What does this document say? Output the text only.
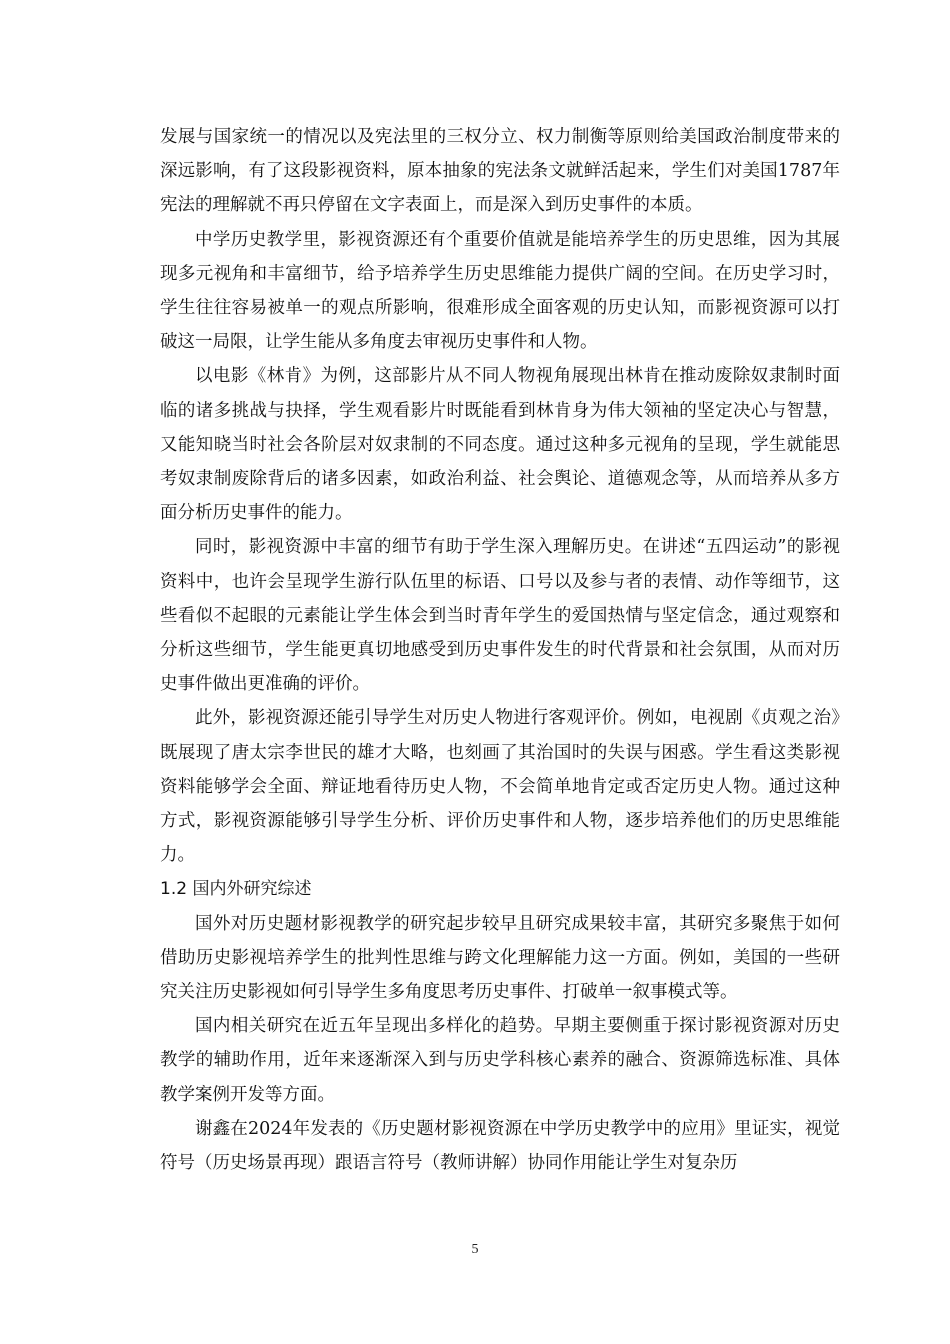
发展与国家统一的情况以及宪法里的三权分立、权力制衡等原则给美国政治制度带来的深远影响，有了这段影视资料，原本抽象的宪法条文就鲜活起来，学生们对美国1787年宪法的理解就不再只停留在文字表面上，而是深入到历史事件的本质。

中学历史教学里，影视资源还有个重要价值就是能培养学生的历史思维，因为其展现多元视角和丰富细节，给予培养学生历史思维能力提供广阔的空间。在历史学习时，学生往往容易被单一的观点所影响，很难形成全面客观的历史认知，而影视资源可以打破这一局限，让学生能从多角度去审视历史事件和人物。

以电影《林肯》为例，这部影片从不同人物视角展现出林肯在推动废除奴隶制时面临的诸多挑战与抉择，学生观看影片时既能看到林肯身为伟大领袖的坚定决心与智慧，又能知晓当时社会各阶层对奴隶制的不同态度。通过这种多元视角的呈现，学生就能思考奴隶制废除背后的诸多因素，如政治利益、社会舆论、道德观念等，从而培养从多方面分析历史事件的能力。

同时，影视资源中丰富的细节有助于学生深入理解历史。在讲述“五四运动”的影视资料中，也许会呈现学生游行队伍里的标语、口号以及参与者的表情、动作等细节，这些看似不起眼的元素能让学生体会到当时青年学生的爱国热情与坚定信念，通过观察和分析这些细节，学生能更真切地感受到历史事件发生的时代背景和社会氛围，从而对历史事件做出更准确的评价。

此外，影视资源还能引导学生对历史人物进行客观评价。例如，电视剧《贞观之治》既展现了唐太宗李世民的雄才大略，也刻画了其治国时的失误与困惑。学生看这类影视资料能够学会全面、辩证地看待历史人物，不会简单地肯定或否定历史人物。通过这种方式，影视资源能够引导学生分析、评价历史事件和人物，逐步培养他们的历史思维能力。

1.2 国内外研究综述

国外对历史题材影视教学的研究起步较早且研究成果较丰富，其研究多聚焦于如何借助历史影视培养学生的批判性思维与跨文化理解能力这一方面。例如，美国的一些研究关注历史影视如何引导学生多角度思考历史事件、打破单一叙事模式等。

国内相关研究在近五年呈现出多样化的趋势。早期主要侧重于探讨影视资源对历史教学的辅助作用，近年来逐渐深入到与历史学科核心素养的融合、资源筛选标准、具体教学案例开发等方面。

谢鑫在2024年发表的《历史题材影视资源在中学历史教学中的应用》里证实，视觉符号（历史场景再现）跟语言符号（教师讲解）协同作用能让学生对复杂历

5
